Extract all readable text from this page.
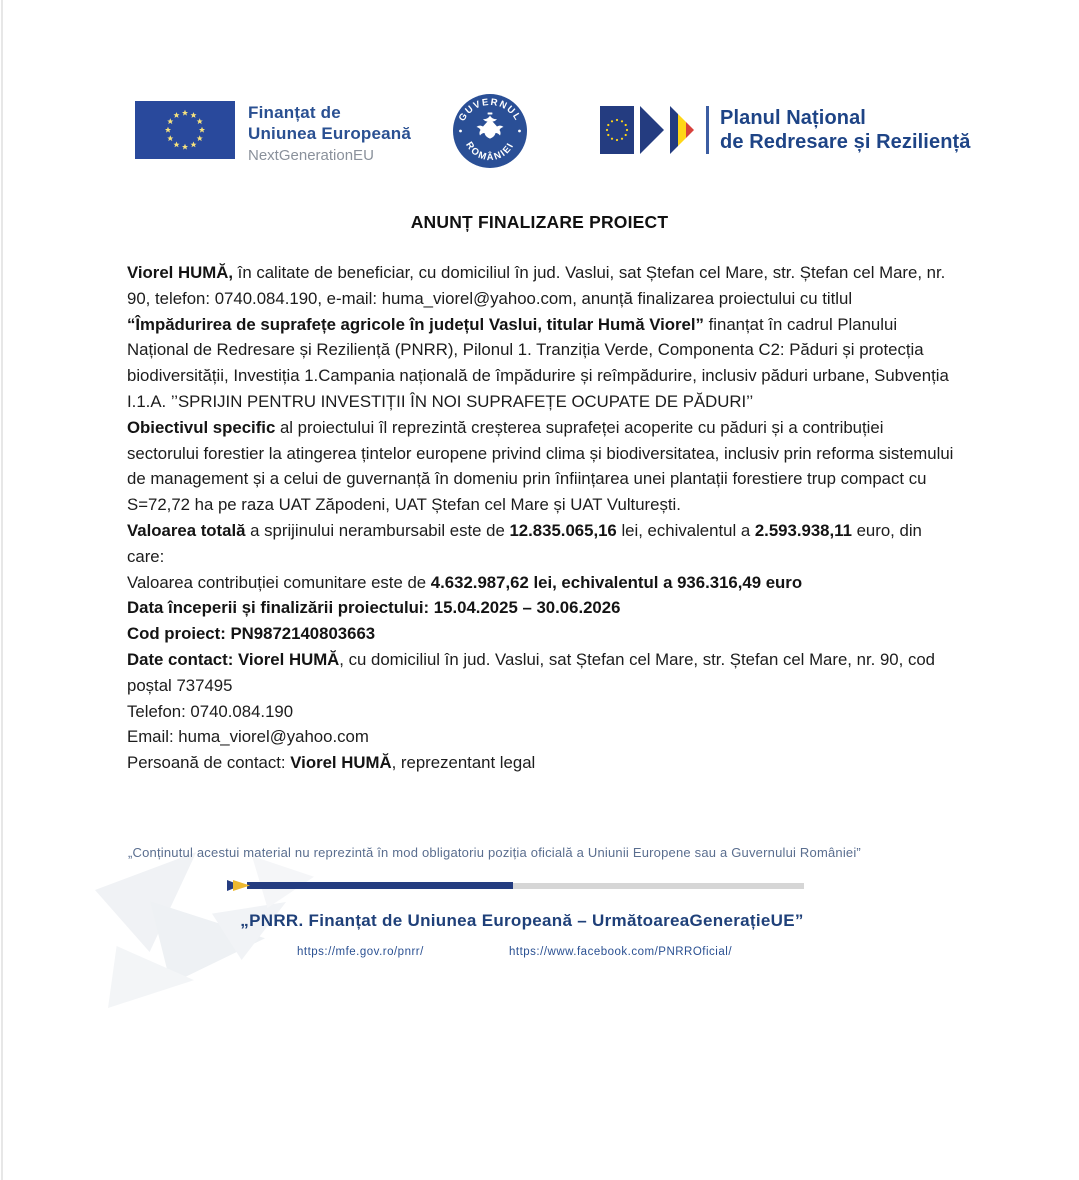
Finanțat de
Uniunea Europeană
NextGenerationEU
GUVERNUL
ROMÂNIEI
Planul Național
de Redresare și Reziliență
ANUNȚ FINALIZARE PROIECT

Viorel HUMĂ, în calitate de beneficiar, cu domiciliul în jud. Vaslui, sat Ștefan cel Mare, str. Ștefan cel Mare, nr. 90, telefon: 0740.084.190, e-mail: huma_viorel@yahoo.com, anunță finalizarea proiectului cu titlul “Împădurirea de suprafețe agricole în județul Vaslui, titular Humă Viorel” finanțat în cadrul Planului Național de Redresare și Reziliență (PNRR), Pilonul 1. Tranziția Verde, Componenta C2: Păduri și protecția biodiversității, Investiția 1.Campania națională de împădurire și reîmpădurire, inclusiv păduri urbane, Subvenția I.1.A. ’’SPRIJIN PENTRU INVESTIȚII ÎN NOI SUPRAFEȚE OCUPATE DE PĂDURI’’

Obiectivul specific al proiectului îl reprezintă creșterea suprafeței acoperite cu păduri și a contribuției sectorului forestier la atingerea țintelor europene privind clima și biodiversitatea, inclusiv prin reforma sistemului de management și a celui de guvernanță în domeniu prin înființarea unei plantații forestiere trup compact cu S=72,72 ha pe raza UAT Zăpodeni, UAT Ștefan cel Mare și UAT Vulturești.

Valoarea totală a sprijinului nerambursabil este de 12.835.065,16 lei, echivalentul a 2.593.938,11 euro, din care:

Valoarea contribuției comunitare este de 4.632.987,62 lei, echivalentul a 936.316,49 euro

Data începerii și finalizării proiectului: 15.04.2025 – 30.06.2026

Cod proiect: PN9872140803663

Date contact: Viorel HUMĂ, cu domiciliul în jud. Vaslui, sat Ștefan cel Mare, str. Ștefan cel Mare, nr. 90, cod poștal 737495

Telefon: 0740.084.190

Email: huma_viorel@yahoo.com

Persoană de contact: Viorel HUMĂ, reprezentant legal

„Conținutul acestui material nu reprezintă în mod obligatoriu poziția oficială a Uniunii Europene sau a Guvernului României”
„PNRR. Finanțat de Uniunea Europeană – UrmătoareaGenerațieUE”
https://mfe.gov.ro/pnrr/	https://www.facebook.com/PNRROficial/
